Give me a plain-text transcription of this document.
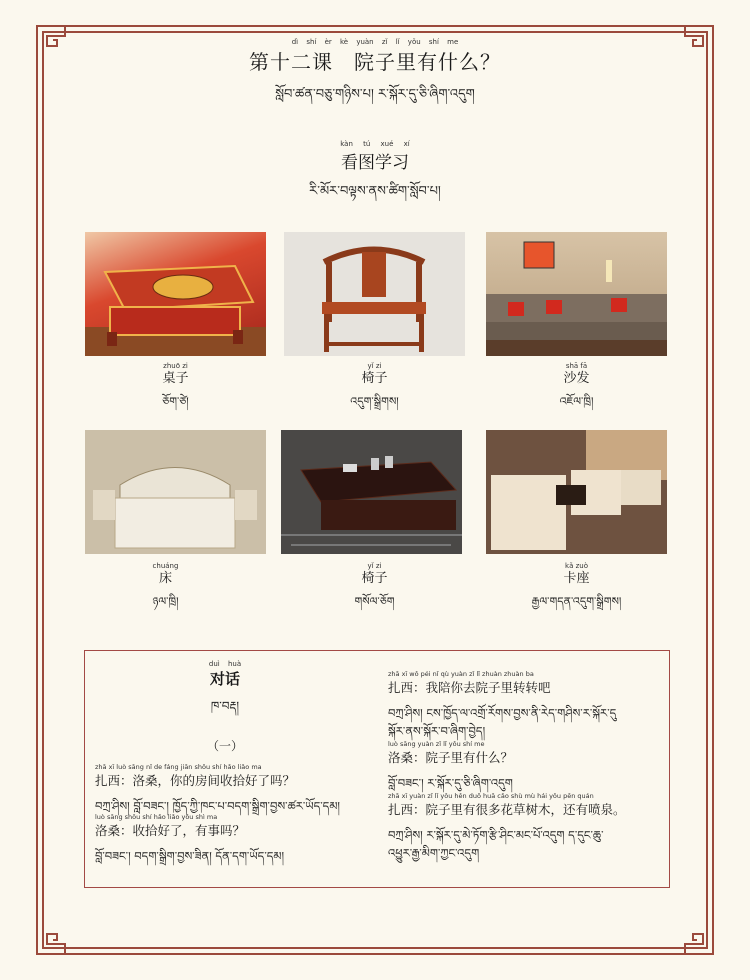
dì shí èr kè yuàn zǐ lǐ yǒu shí me
第十二课　院子里有什么？
སློབ་ཚན་བཅུ་གཉིས་པ། ར་སྐོར་དུ་ཅི་ཞིག་འདུག
kàn tú xué xí
看图学习
རི་མོར་བལྟས་ནས་ཚིག་སློབ་པ།
zhuō zi
桌子
ཅོག་ཙེ།
yǐ zi
椅子
འདུག་སྒྲིགས།
shā fā
沙发
འཇོལ་ཁྲི།
chuáng
床
ཉལ་ཁྲི།
yǐ zi
椅子
གསོལ་ཅོག
kǎ zuò
卡座
རྒྱལ་གདན་འདུག་སྒྲིགས།
duì huà
对话
ཁ་བརྡ།
（一）
zhā xī luò sāng nǐ de fáng jiān shōu shí hǎo liǎo ma
扎西：洛桑，你的房间收拾好了吗？
བཀྲ་ཤིས། བློ་བཟང་། ཁྱོད་ཀྱི་ཁང་པ་བདག་སྒྲིག་བྱས་ཚར་ཡོད་དམ།
luò sāng shōu shí hǎo liǎo yǒu shì ma
洛桑：收拾好了，有事吗？
བློ་བཟང་། བདག་སྒྲིག་བྱས་ཟིན། དོན་དག་ཡོད་དམ།
zhā xī wǒ péi nǐ qù yuàn zǐ lǐ zhuàn zhuàn ba
扎西：我陪你去院子里转转吧
བཀྲ་ཤིས། ངས་ཁྱོད་ལ་འགྲོ་རོགས་བྱས་ནི་རེད་གཤིས་ར་སྐོར་དུ
སྐོར་ནས་སྐོར་བ་ཞིག་བྱེད།
luò sāng yuàn zǐ lǐ yǒu shí me
洛桑：院子里有什么？
བློ་བཟང་། ར་སྐོར་དུ་ཅི་ཞིག་འདུག
zhā xī yuàn zǐ lǐ yǒu hěn duō huā cǎo shù mù hái yǒu pēn quán
扎西：院子里有很多花草树木，还有喷泉。
བཀྲ་ཤིས། ར་སྐོར་དུ་མེ་ཏོག་རྩི་ཤིང་མང་པོ་འདུག ད་དུང་ཆུ་
འཕྱུར་རྒྱ་མིག་ཀྱང་འདུག
